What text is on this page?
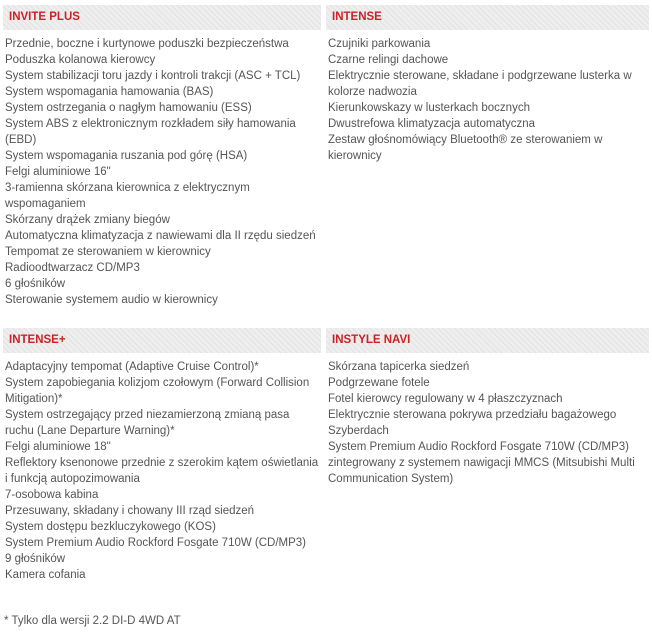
INVITE PLUS
Przednie, boczne i kurtynowe poduszki bezpieczeństwa
Poduszka kolanowa kierowcy
System stabilizacji toru jazdy i kontroli trakcji (ASC + TCL)
System wspomagania hamowania (BAS)
System ostrzegania o nagłym hamowaniu (ESS)
System ABS z elektronicznym rozkładem siły hamowania (EBD)
System wspomagania ruszania pod górę (HSA)
Felgi aluminiowe 16"
3-ramienna skórzana kierownica z elektrycznym wspomaganiem
Skórzany drążek zmiany biegów
Automatyczna klimatyzacja z nawiewami dla II rzędu siedzeń
Tempomat ze sterowaniem w kierownicy
Radioodtwarzacz CD/MP3
6 głośników
Sterowanie systemem audio w kierownicy
INTENSE
Czujniki parkowania
Czarne relingi dachowe
Elektrycznie sterowane, składane i podgrzewane lusterka w kolorze nadwozia
Kierunkowskazy w lusterkach bocznych
Dwustrefowa klimatyzacja automatyczna
Zestaw głośnomówiący Bluetooth® ze sterowaniem w kierownicy
INTENSE+
Adaptacyjny tempomat (Adaptive Cruise Control)*
System zapobiegania kolizjom czołowym (Forward Collision Mitigation)*
System ostrzegający przed niezamierzoną zmianą pasa ruchu (Lane Departure Warning)*
Felgi aluminiowe 18"
Reflektory ksenonowe przednie z szerokim kątem oświetlania i funkcją autopozimowania
7-osobowa kabina
Przesuwany, składany i chowany III rząd siedzeń
System dostępu bezkluczykowego (KOS)
System Premium Audio Rockford Fosgate 710W (CD/MP3)
9 głośników
Kamera cofania
INSTYLE NAVI
Skórzana tapicerka siedzeń
Podgrzewane fotele
Fotel kierowcy regulowany w 4 płaszczyznach
Elektrycznie sterowana pokrywa przedziału bagażowego
Szyberdach
System Premium Audio Rockford Fosgate 710W (CD/MP3) zintegrowany z systemem nawigacji MMCS (Mitsubishi Multi Communication System)
* Tylko dla wersji 2.2 DI-D 4WD AT
